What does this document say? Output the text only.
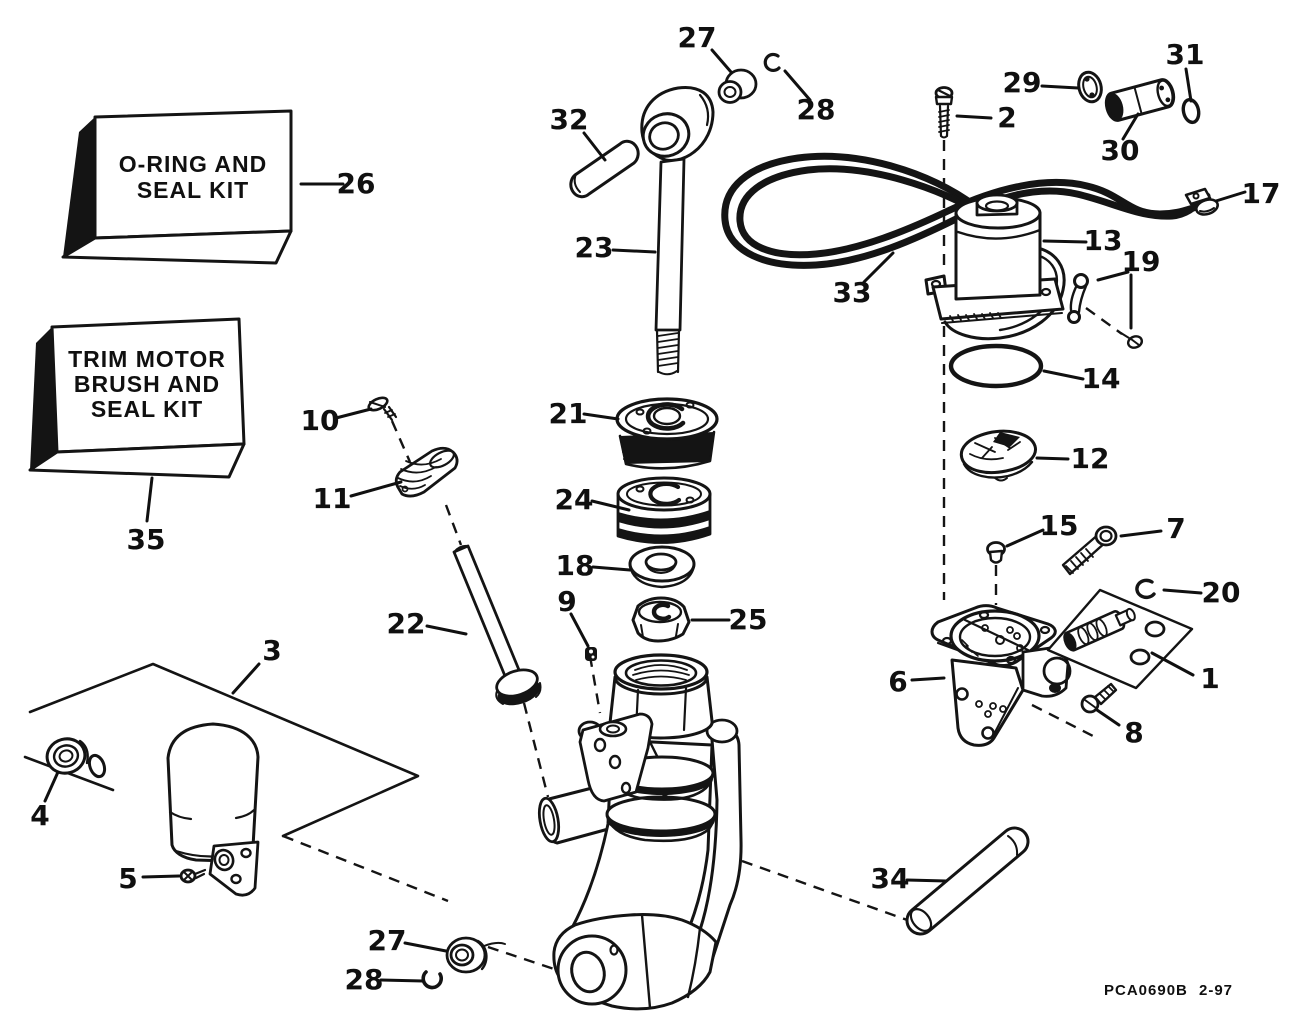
O-RING AND
SEAL KIT
TRIM MOTOR
BRUSH AND
SEAL KIT
26
35
27
28
32
23
2
29
30
31
17
13
33
19
14
12
15	7
20
1
6
8
21
24
18
9
25
10
11
22
3
4
5
27
28
34
PCA0690B 2-97
